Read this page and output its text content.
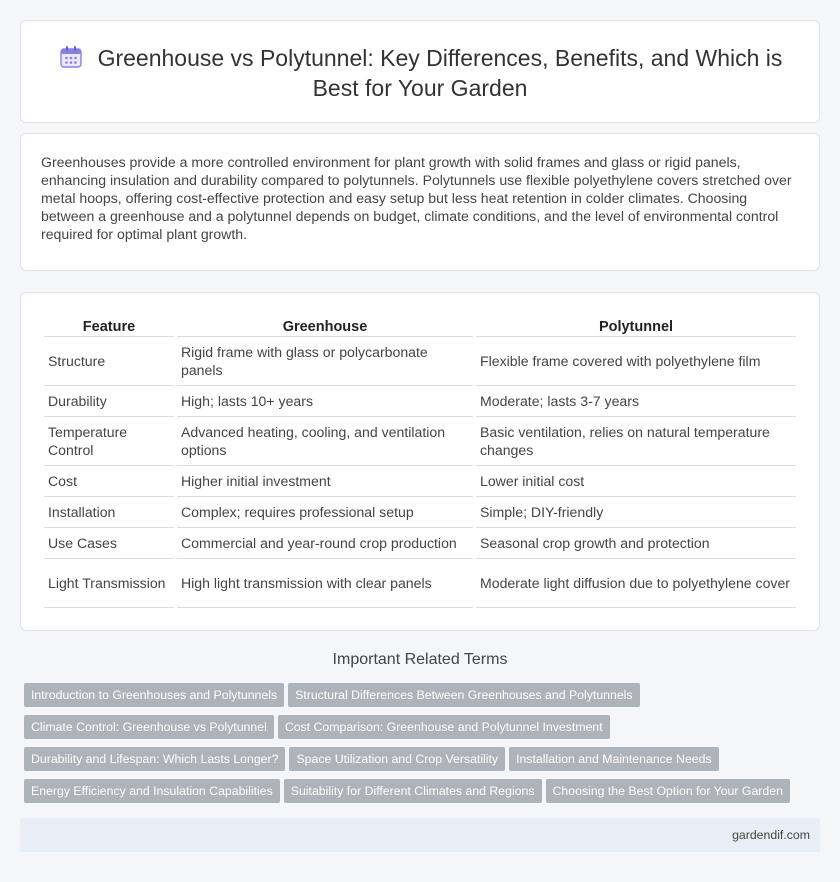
Greenhouse vs Polytunnel: Key Differences, Benefits, and Which is Best for Your Garden

Greenhouses provide a more controlled environment for plant growth with solid frames and glass or rigid panels, enhancing insulation and durability compared to polytunnels. Polytunnels use flexible polyethylene covers stretched over metal hoops, offering cost-effective protection and easy setup but less heat retention in colder climates. Choosing between a greenhouse and a polytunnel depends on budget, climate conditions, and the level of environmental control required for optimal plant growth.

Feature	Greenhouse	Polytunnel
Structure	Rigid frame with glass or polycarbonate panels	Flexible frame covered with polyethylene film
Durability	High; lasts 10+ years	Moderate; lasts 3-7 years
Temperature Control	Advanced heating, cooling, and ventilation options	Basic ventilation, relies on natural temperature changes
Cost	Higher initial investment	Lower initial cost
Installation	Complex; requires professional setup	Simple; DIY-friendly
Use Cases	Commercial and year-round crop production	Seasonal crop growth and protection
Light Transmission	High light transmission with clear panels	Moderate light diffusion due to polyethylene cover
Important Related Terms
Introduction to Greenhouses and Polytunnels Structural Differences Between Greenhouses and Polytunnels
Climate Control: Greenhouse vs Polytunnel Cost Comparison: Greenhouse and Polytunnel Investment
Durability and Lifespan: Which Lasts Longer? Space Utilization and Crop Versatility Installation and Maintenance Needs
Energy Efficiency and Insulation Capabilities Suitability for Different Climates and Regions Choosing the Best Option for Your Garden
gardendif.com
